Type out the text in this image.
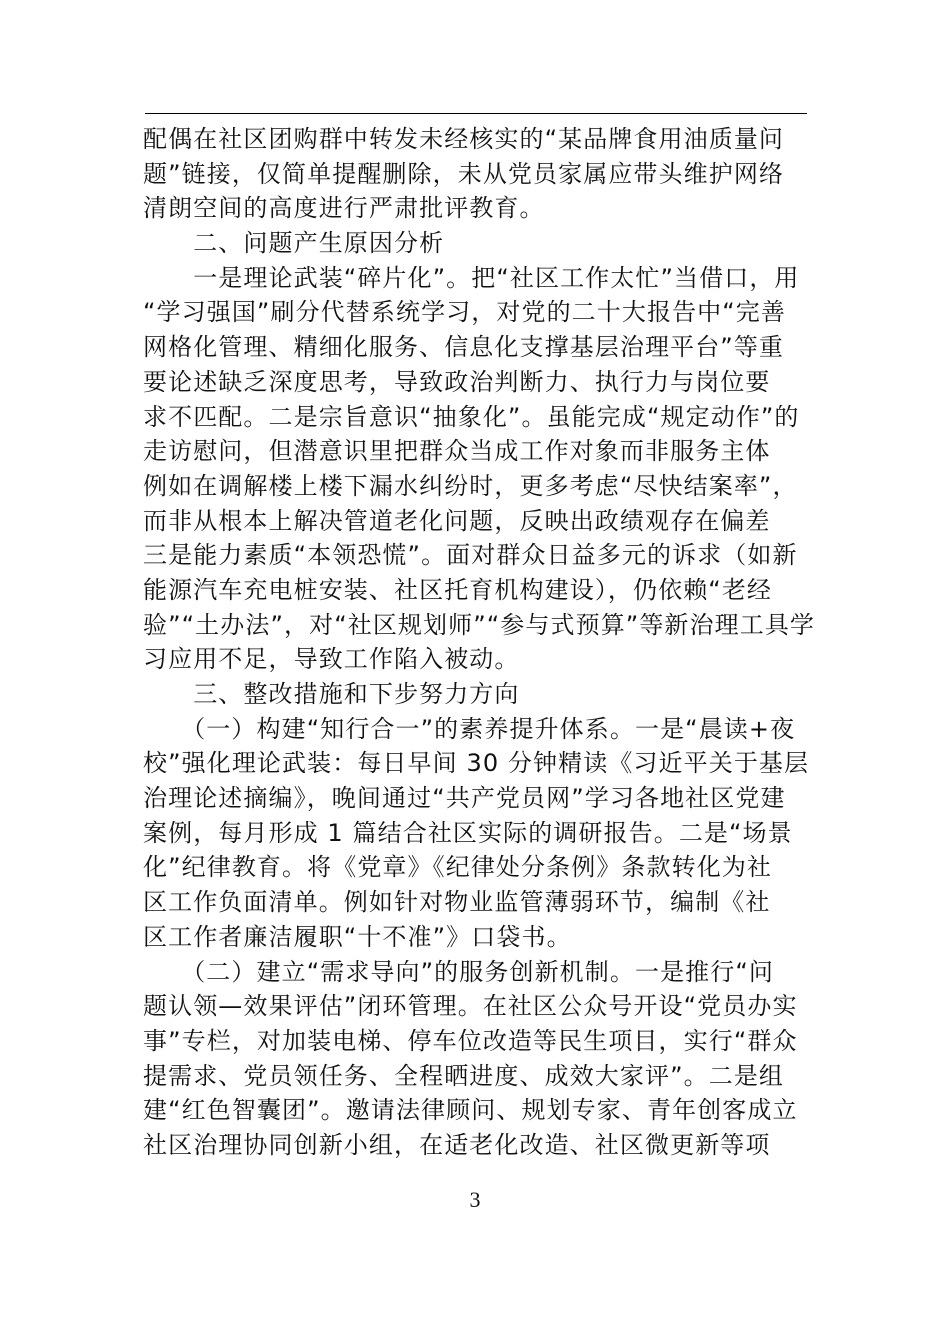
配偶在社区团购群中转发未经核实的“某品牌食用油质量问
题”链接，仅简单提醒删除，未从党员家属应带头维护网络
清朗空间的高度进行严肃批评教育。
　　二、问题产生原因分析
　　一是理论武装“碎片化”。把“社区工作太忙”当借口，用
“学习强国”刷分代替系统学习，对党的二十大报告中“完善
网格化管理、精细化服务、信息化支撑基层治理平台”等重
要论述缺乏深度思考，导致政治判断力、执行力与岗位要
求不匹配。二是宗旨意识“抽象化”。虽能完成“规定动作”的
走访慰问，但潜意识里把群众当成工作对象而非服务主体
例如在调解楼上楼下漏水纠纷时，更多考虑“尽快结案率”，
而非从根本上解决管道老化问题，反映出政绩观存在偏差
三是能力素质“本领恐慌”。面对群众日益多元的诉求（如新
能源汽车充电桩安装、社区托育机构建设），仍依赖“老经
验”“土办法”，对“社区规划师”“参与式预算”等新治理工具学
习应用不足，导致工作陷入被动。
　　三、整改措施和下步努力方向
　　（一）构建“知行合一”的素养提升体系。一是“晨读+夜
校”强化理论武装：每日早间 30 分钟精读《习近平关于基层
治理论述摘编》，晚间通过“共产党员网”学习各地社区党建
案例，每月形成 1 篇结合社区实际的调研报告。二是“场景
化”纪律教育。将《党章》《纪律处分条例》条款转化为社
区工作负面清单。例如针对物业监管薄弱环节，编制《社
区工作者廉洁履职“十不准”》口袋书。
　　（二）建立“需求导向”的服务创新机制。一是推行“问
题认领—效果评估”闭环管理。在社区公众号开设“党员办实
事”专栏，对加装电梯、停车位改造等民生项目，实行“群众
提需求、党员领任务、全程晒进度、成效大家评”。二是组
建“红色智囊团”。邀请法律顾问、规划专家、青年创客成立
社区治理协同创新小组，在适老化改造、社区微更新等项
3
